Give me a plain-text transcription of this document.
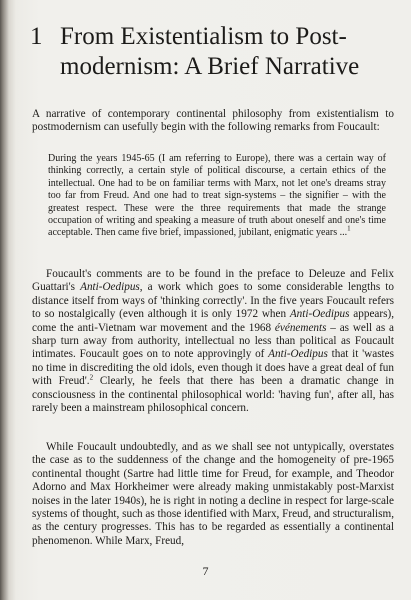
1 From Existentialism to Post-modernism: A Brief Narrative

A narrative of contemporary continental philosophy from existentialism to postmodernism can usefully begin with the following remarks from Foucault:

During the years 1945-65 (I am referring to Europe), there was a certain way of thinking correctly, a certain style of political discourse, a certain ethics of the intellectual. One had to be on familiar terms with Marx, not let one's dreams stray too far from Freud. And one had to treat sign-systems – the signifier – with the greatest respect. These were the three requirements that made the strange occupation of writing and speaking a measure of truth about oneself and one's time acceptable. Then came five brief, impassioned, jubilant, enigmatic years ...$^1$

Foucault's comments are to be found in the preface to Deleuze and Felix Guattari's Anti-Oedipus, a work which goes to some considerable lengths to distance itself from ways of 'thinking correctly'. In the five years Foucault refers to so nostalgically (even although it is only 1972 when Anti-Oedipus appears), come the anti-Vietnam war movement and the 1968 événements – as well as a sharp turn away from authority, intellectual no less than political as Foucault intimates. Foucault goes on to note approvingly of Anti-Oedipus that it 'wastes no time in discrediting the old idols, even though it does have a great deal of fun with Freud'.$^2$ Clearly, he feels that there has been a dramatic change in consciousness in the continental philosophical world: 'having fun', after all, has rarely been a mainstream philosophical concern.

While Foucault undoubtedly, and as we shall see not untypically, overstates the case as to the suddenness of the change and the homogeneity of pre-1965 continental thought (Sartre had little time for Freud, for example, and Theodor Adorno and Max Horkheimer were already making unmistakably post-Marxist noises in the later 1940s), he is right in noting a decline in respect for large-scale systems of thought, such as those identified with Marx, Freud, and structuralism, as the century progresses. This has to be regarded as essentially a continental phenomenon. While Marx, Freud,

7
